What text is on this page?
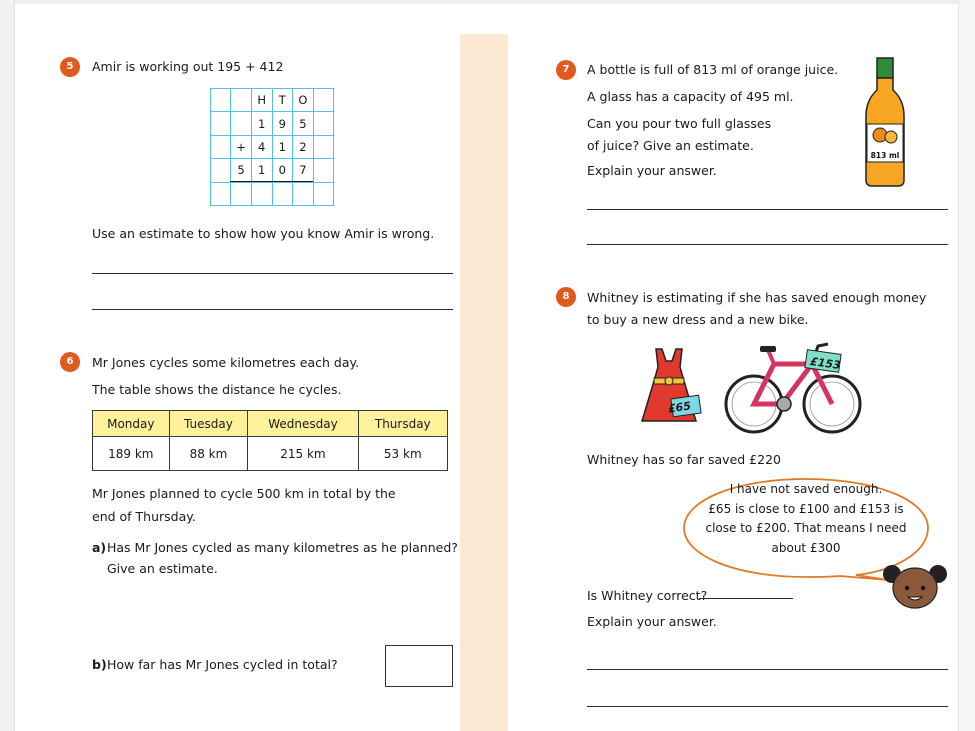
5	Amir is working out 195 + 412
		H	T	O	
		1	9	5	
	+	4	1	2	
	5	1	0	7	

Use an estimate to show how you know Amir is wrong.
6	Mr Jones cycles some kilometres each day.
The table shows the distance he cycles.
Monday	Tuesday	Wednesday	Thursday
189 km	88 km	215 km	53 km
Mr Jones planned to cycle 500 km in total by the
end of Thursday.
a) Has Mr Jones cycled as many kilometres as he planned?
Give an estimate.
b) How far has Mr Jones cycled in total?
7	A bottle is full of 813 ml of orange juice.
A glass has a capacity of 495 ml.
Can you pour two full glasses
of juice? Give an estimate.
Explain your answer.
813 ml
8	Whitney is estimating if she has saved enough money
to buy a new dress and a new bike.
£65
£153
Whitney has so far saved £220
I have not saved enough.
£65 is close to £100 and £153 is
close to £200. That means I need
about £300
Is Whitney correct?
Explain your answer.
